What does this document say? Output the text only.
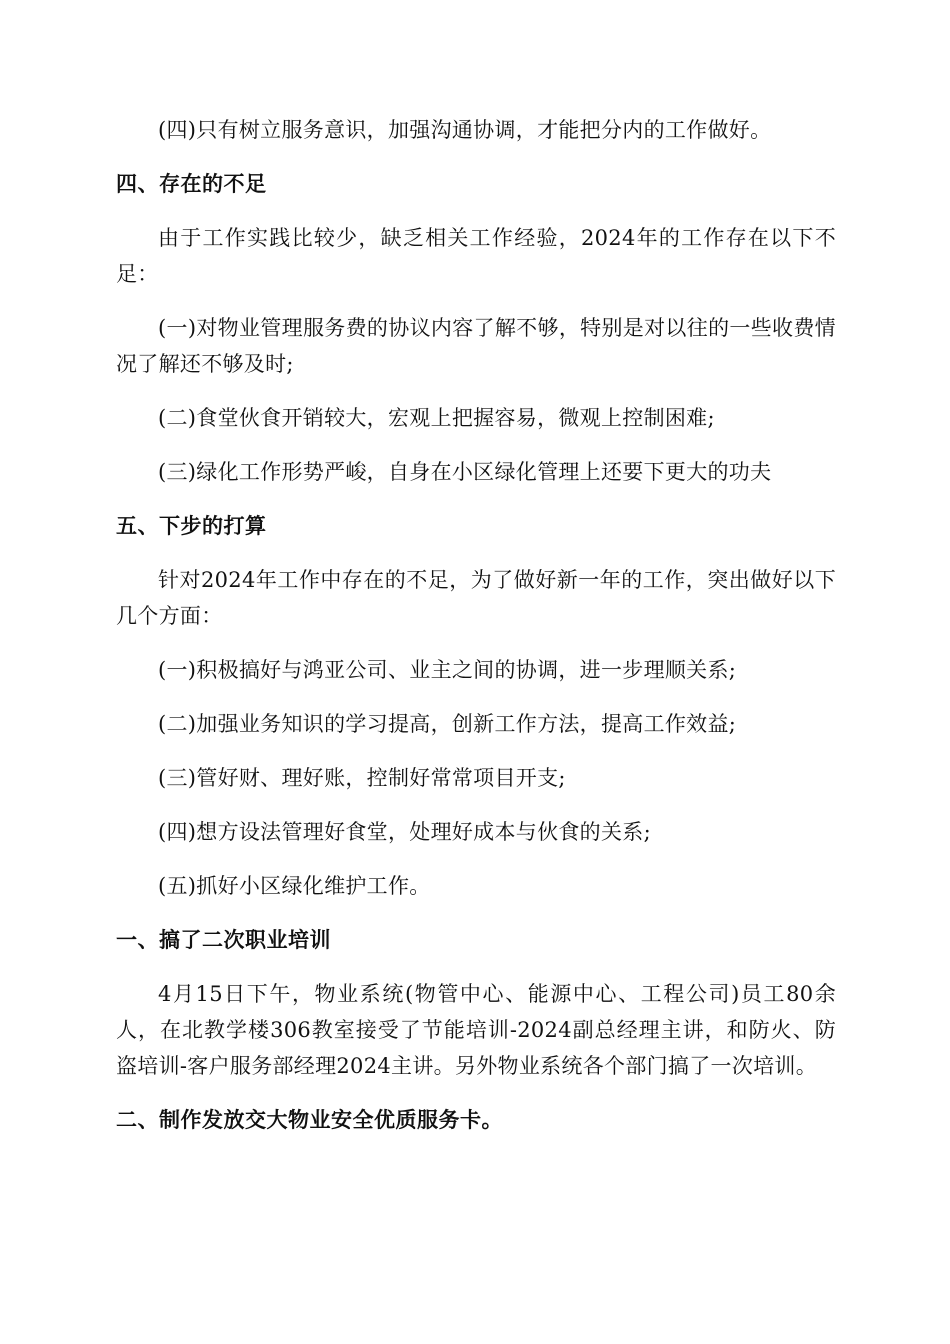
(四)只有树立服务意识，加强沟通协调，才能把分内的工作做好。

四、存在的不足

由于工作实践比较少，缺乏相关工作经验，2024年的工作存在以下不足：

(一)对物业管理服务费的协议内容了解不够，特别是对以往的一些收费情况了解还不够及时;

(二)食堂伙食开销较大，宏观上把握容易，微观上控制困难;

(三)绿化工作形势严峻，自身在小区绿化管理上还要下更大的功夫

五、下步的打算

针对2024年工作中存在的不足，为了做好新一年的工作，突出做好以下几个方面：

(一)积极搞好与鸿亚公司、业主之间的协调，进一步理顺关系;

(二)加强业务知识的学习提高，创新工作方法，提高工作效益;

(三)管好财、理好账，控制好常常项目开支;

(四)想方设法管理好食堂，处理好成本与伙食的关系;

(五)抓好小区绿化维护工作。

一、搞了二次职业培训

4月15日下午，物业系统(物管中心、能源中心、工程公司)员工80余人，在北教学楼306教室接受了节能培训-2024副总经理主讲，和防火、防盗培训-客户服务部经理2024主讲。另外物业系统各个部门搞了一次培训。

二、制作发放交大物业安全优质服务卡。
